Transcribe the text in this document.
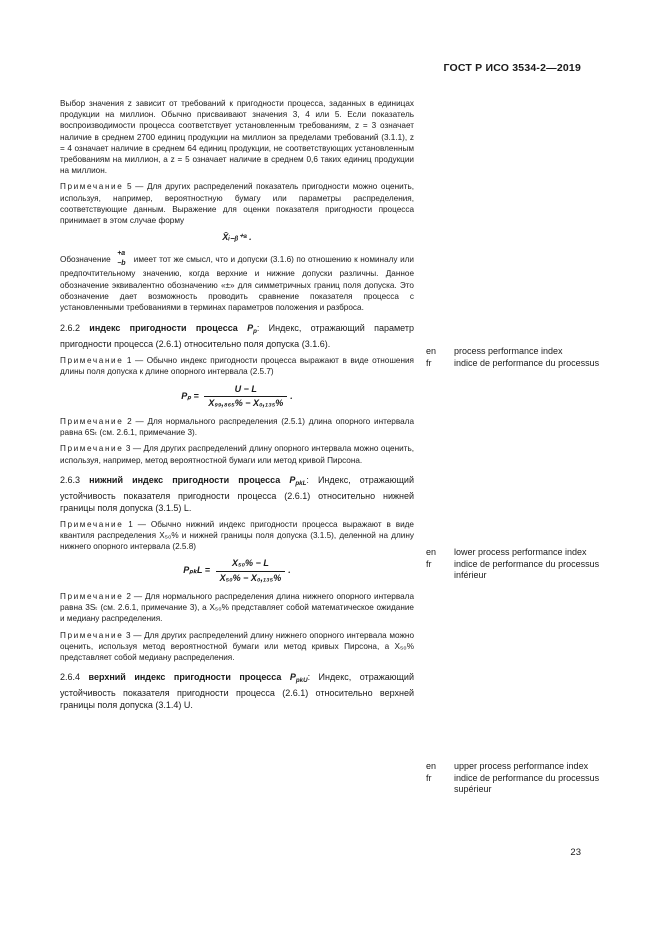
ГОСТ Р ИСО 3534-2—2019

Выбор значения z зависит от требований к пригодности процесса, заданных в единицах продукции на миллион. Обычно присваивают значения 3, 4 или 5. Если показатель воспроизводимости процесса соответствует установленным требованиям, z = 3 означает наличие в среднем 2700 единиц продукции на миллион за пределами требований (3.1.1), z = 4 означает наличие в среднем 64 единиц продукции, не соответствующих установленным требованиям на миллион, а z = 5 означает наличие в среднем 0,6 таких единиц продукции на миллион.

Примечание 5 — Для других распределений показатель пригодности можно оценить, используя, например, вероятностную бумагу или параметры распределения, соответствующие данным. Выражение для оценки показателя пригодности процесса принимает в этом случае форму

X̄ᵢ₋ᵦ⁺ᵃ .

Обозначение
+a
−b имеет тот же смысл, что и допуски (3.1.6) по отношению к номиналу или предпочтительному значению, когда верхние и нижние допуски различны. Данное обозначение эквивалентно обозначению «±» для симметричных границ поля допуска. Это обозначение дает возможность проводить сравнение показателя процесса с установленными требованиями в терминах параметров положения и разброса.

2.6.2 индекс пригодности процесса $P_p$: Индекс, отражающий параметр пригодности процесса (2.6.1) относительно поля допуска (3.1.6).

Примечание 1 — Обычно индекс пригодности процесса выражают в виде отношения длины поля допуска к длине опорного интервала (2.5.7)

$P_p = \frac{U - L}{\text{X₉₉,₈₆₅\% − X₀,₁₃₅\%}}$ .

Примечание 2 — Для нормального распределения (2.5.1) длина опорного интервала равна 6Sₜ (см. 2.6.1, примечание 3).

Примечание 3 — Для других распределений длину опорного интервала можно оценить, используя, например, метод вероятностной бумаги или метод кривой Пирсона.

2.6.3 нижний индекс пригодности процесса $P_{pkL}$: Индекс, отражающий устойчивость показателя пригодности процесса (2.6.1) относительно нижней границы поля допуска (3.1.5) L.

Примечание 1 — Обычно нижний индекс пригодности процесса выражают в виде квантиля распределения X₅₀% и нижней границы поля допуска (3.1.5), деленной на длину нижнего опорного интервала (2.5.8)

$P_{pk}L = \frac{\text{X₅₀\% − L}}{\text{X₅₀\% − X₀,₁₃₅\%}}$ .

Примечание 2 — Для нормального распределения длина нижнего опорного интервала равна 3Sₜ (см. 2.6.1, примечание 3), а X₅₀% представляет собой математическое ожидание и медиану распределения.

Примечание 3 — Для других распределений длину нижнего опорного интервала можно оценить, используя метод вероятностной бумаги или метод кривых Пирсона, а X₅₀% представляет собой медиану распределения.

2.6.4 верхний индекс пригодности процесса $P_{pkU}$: Индекс, отражающий устойчивость показателя пригодности процесса (2.6.1) относительно верхней границы поля допуска (3.1.4) U.

en	process performance index
fr	indice de performance du processus
en	lower process performance index
fr	indice de performance du processus inférieur
en	upper process performance index
fr	indice de performance du processus supérieur
23
